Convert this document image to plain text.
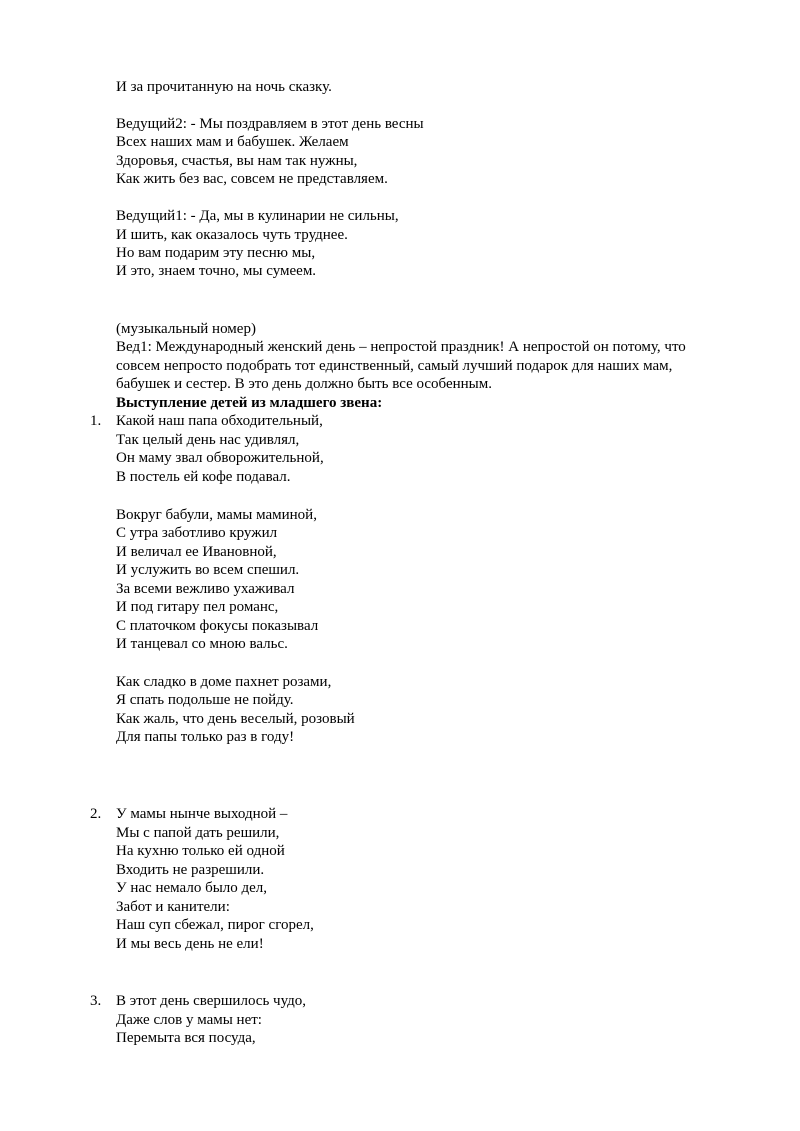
И за прочитанную на ночь сказку.
Ведущий2: - Мы поздравляем в этот день весны
Всех наших мам и бабушек. Желаем
Здоровья, счастья, вы нам так нужны,
Как жить без вас, совсем не представляем.
Ведущий1: - Да, мы в кулинарии не сильны,
И шить, как оказалось чуть труднее.
Но вам подарим эту песню мы,
И это, знаем точно, мы сумеем.
(музыкальный номер)
Вед1: Международный женский день – непростой праздник! А непростой он потому, что
совсем непросто подобрать тот единственный, самый лучший подарок для наших мам,
бабушек и сестер. В это день должно быть все особенным.
Выступление детей из младшего звена:
1. Какой наш папа обходительный,
Так целый день нас удивлял,
Он маму звал обворожительной,
В постель ей кофе подавал.
Вокруг бабули, мамы маминой,
С утра заботливо кружил
И величал ее Ивановной,
И услужить во всем спешил.
За всеми вежливо ухаживал
И под гитару пел романс,
С платочком фокусы показывал
И танцевал со мною вальс.
Как сладко в доме пахнет розами,
Я спать подольше не пойду.
Как жаль, что день веселый, розовый
Для папы только раз в году!
2. У мамы нынче выходной –
Мы с папой дать решили,
На кухню только ей одной
Входить не разрешили.
У нас немало было дел,
Забот и канители:
Наш суп сбежал, пирог сгорел,
И мы весь день не ели!
3. В этот день свершилось чудо,
Даже слов у мамы нет:
Перемыта вся посуда,
